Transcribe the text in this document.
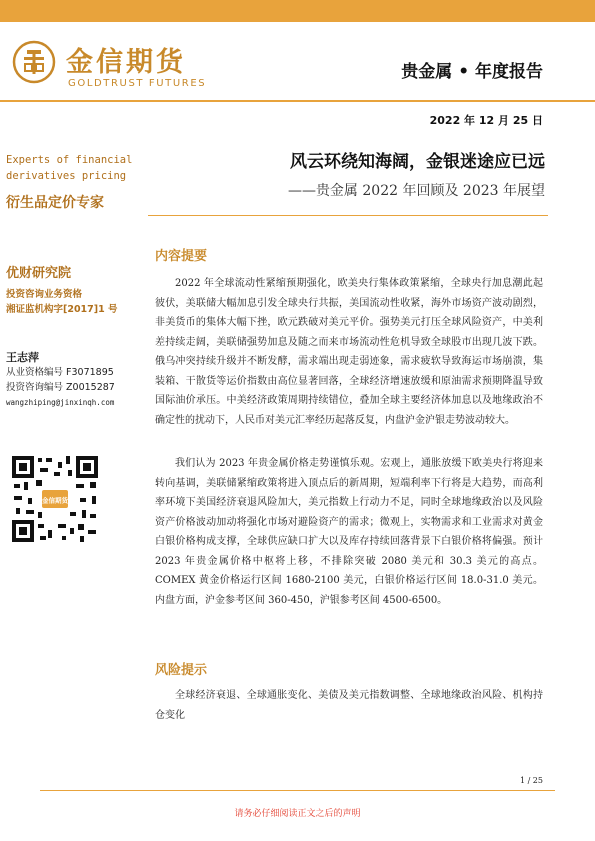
金信期货
GOLDTRUST FUTURES
贵金属 • 年度报告
2022 年 12 月 25 日
Experts of financial
derivatives pricing
衍生品定价专家
优财研究院
投资咨询业务资格
湘证监机构字[2017]1 号
王志萍
从业资格编号 F3071895
投资咨询编号 Z0015287
wangzhiping@jinxinqh.com
金信期货
风云环绕知海阔，金银迷途应已远
——贵金属 2022 年回顾及 2023 年展望
内容提要

2022 年全球流动性紧缩预期强化，欧美央行集体政策紧缩，全球央行加息潮此起彼伏，美联储大幅加息引发全球央行共振，美国流动性收紧，海外市场资产波动剧烈，非美货币的集体大幅下挫，欧元跌破对美元平价。强势美元打压全球风险资产，中美利差持续走阔，美联储强势加息及随之而来市场流动性危机导致全球股市出现几波下跌。俄乌冲突持续升级并不断发酵，需求端出现走弱迹象，需求疲软导致海运市场崩溃，集装箱、干散货等运价指数由高位显著回落，全球经济增速放缓和原油需求预期降温导致国际油价承压。中美经济政策周期持续错位，叠加全球主要经济体加息以及地缘政治不确定性的扰动下，人民币对美元汇率经历起落反复，内盘沪金沪银走势波动较大。

我们认为 2023 年贵金属价格走势谨慎乐观。宏观上，通胀放缓下欧美央行将迎来转向基调，美联储紧缩政策将进入顶点后的新周期，短端利率下行将是大趋势，而高利率环境下美国经济衰退风险加大，美元指数上行动力不足，同时全球地缘政治以及风险资产价格波动加动将强化市场对避险资产的需求；微观上，实物需求和工业需求对黄金白银价格构成支撑，全球供应缺口扩大以及库存持续回落背景下白银价格将偏强。预计 2023 年贵金属价格中枢将上移，不排除突破 2080 美元和 30.3 美元的高点。COMEX 黄金价格运行区间 1680-2100 美元，白银价格运行区间 18.0-31.0 美元。内盘方面，沪金参考区间 360-450，沪银参考区间 4500-6500。

风险提示

全球经济衰退、全球通胀变化、美债及美元指数调整、全球地缘政治风险、机构持仓变化

1 / 25
请务必仔细阅读正文之后的声明
